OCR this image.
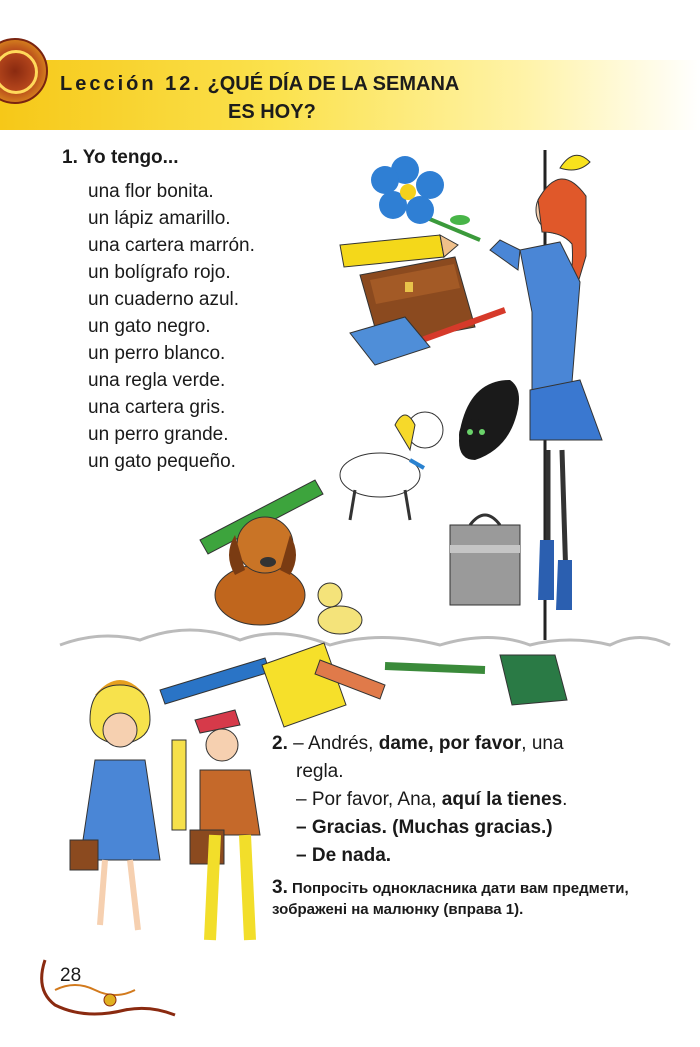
Lección 12. ¿QUÉ DÍA DE LA SEMANA
ES HOY?
1. Yo tengo...
una flor bonita.
un lápiz amarillo.
una cartera marrón.
un bolígrafo rojo.
un cuaderno azul.
un gato negro.
un perro blanco.
una regla verde.
una cartera gris.
un perro grande.
un gato pequeño.
2. – Andrés, dame, por favor, una
regla.
– Por favor, Ana, aquí la tienes.
– Gracias. (Muchas gracias.)
– De nada.
3. Попросіть однокласника дати вам предмети, зображені на малюнку (вправа 1).
28
